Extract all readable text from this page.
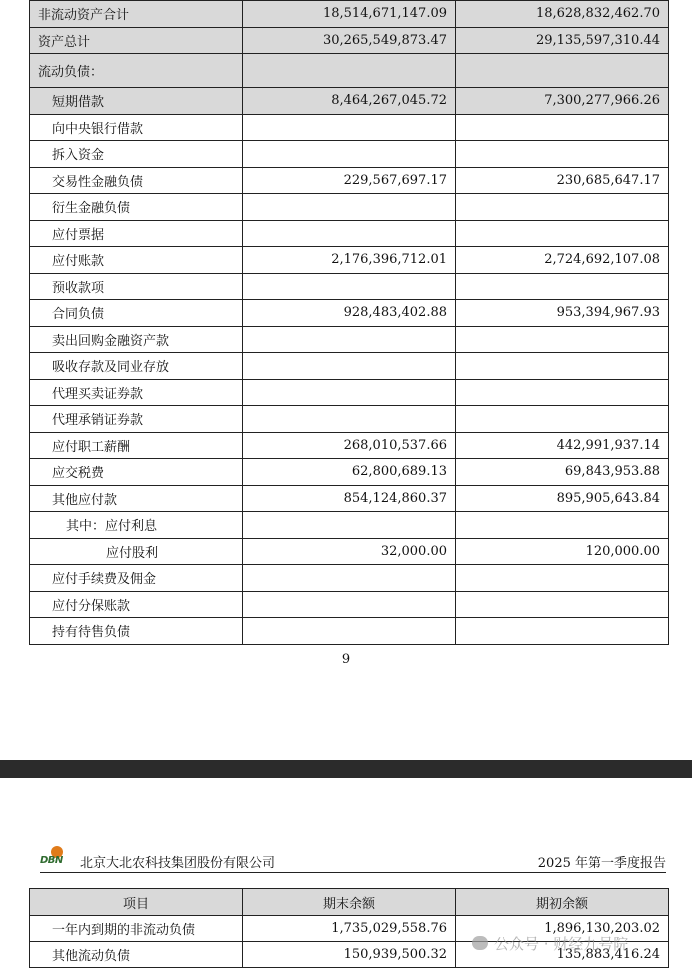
非流动资产合计	18,514,671,147.09	18,628,832,462.70
资产总计	30,265,549,873.47	29,135,597,310.44
流动负债：		
短期借款	8,464,267,045.72	7,300,277,966.26
向中央银行借款		
拆入资金		
交易性金融负债	229,567,697.17	230,685,647.17
衍生金融负债		
应付票据		
应付账款	2,176,396,712.01	2,724,692,107.08
预收款项		
合同负债	928,483,402.88	953,394,967.93
卖出回购金融资产款		
吸收存款及同业存放		
代理买卖证券款		
代理承销证券款		
应付职工薪酬	268,010,537.66	442,991,937.14
应交税费	62,800,689.13	69,843,953.88
其他应付款	854,124,860.37	895,905,643.84
其中：应付利息		
应付股利	32,000.00	120,000.00
应付手续费及佣金		
应付分保账款		
持有待售负债		
9
DBN 北京大北农科技集团股份有限公司	2025 年第一季度报告
项目	期末余额	期初余额
一年内到期的非流动负债	1,735,029,558.76	1,896,130,203.02
其他流动负债	150,939,500.32	135,883,416.24
公众号 · 财经九号院
